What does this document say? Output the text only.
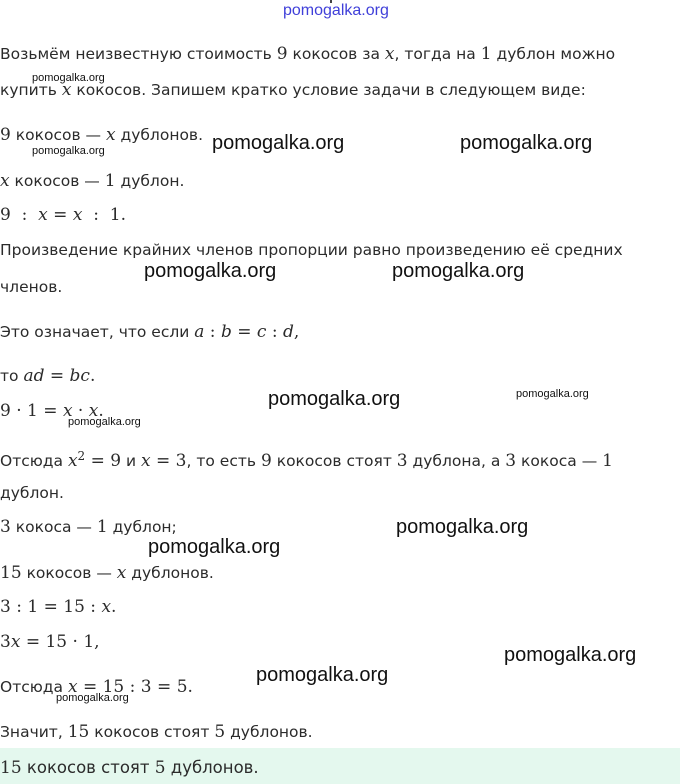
pomogalka.org
Возьмём неизвестную стоимость 9 кокосов за x, тогда на 1 дублон можно
купить x кокосов. Запишем кратко условие задачи в следующем виде:
9 кокосов — x дублонов.
x кокосов — 1 дублон.
9  :  x = x  :  1.
Произведение крайних членов пропорции равно произведению её средних
членов.
Это означает, что если a : b = c : d,
то ad = bc.
9 · 1 = x · x.
Отсюда $x^2 = 9$ и x = 3, то есть 9 кокосов стоят 3 дублона, а 3 кокоса — 1
дублон.
3 кокоса — 1 дублон;
15 кокосов — x дублонов.
3 : 1 = 15 : x.
3x = 15 · 1,
Отсюда x = 15 : 3 = 5.
Значит, 15 кокосов стоят 5 дублонов.
15 кокосов стоят 5 дублонов.
pomogalka.org	pomogalka.org
pomogalka.org	pomogalka.org
pomogalka.org
pomogalka.org
pomogalka.org
pomogalka.org
pomogalka.org
pomogalka.org
pomogalka.org
pomogalka.org
pomogalka.org
pomogalka.org
